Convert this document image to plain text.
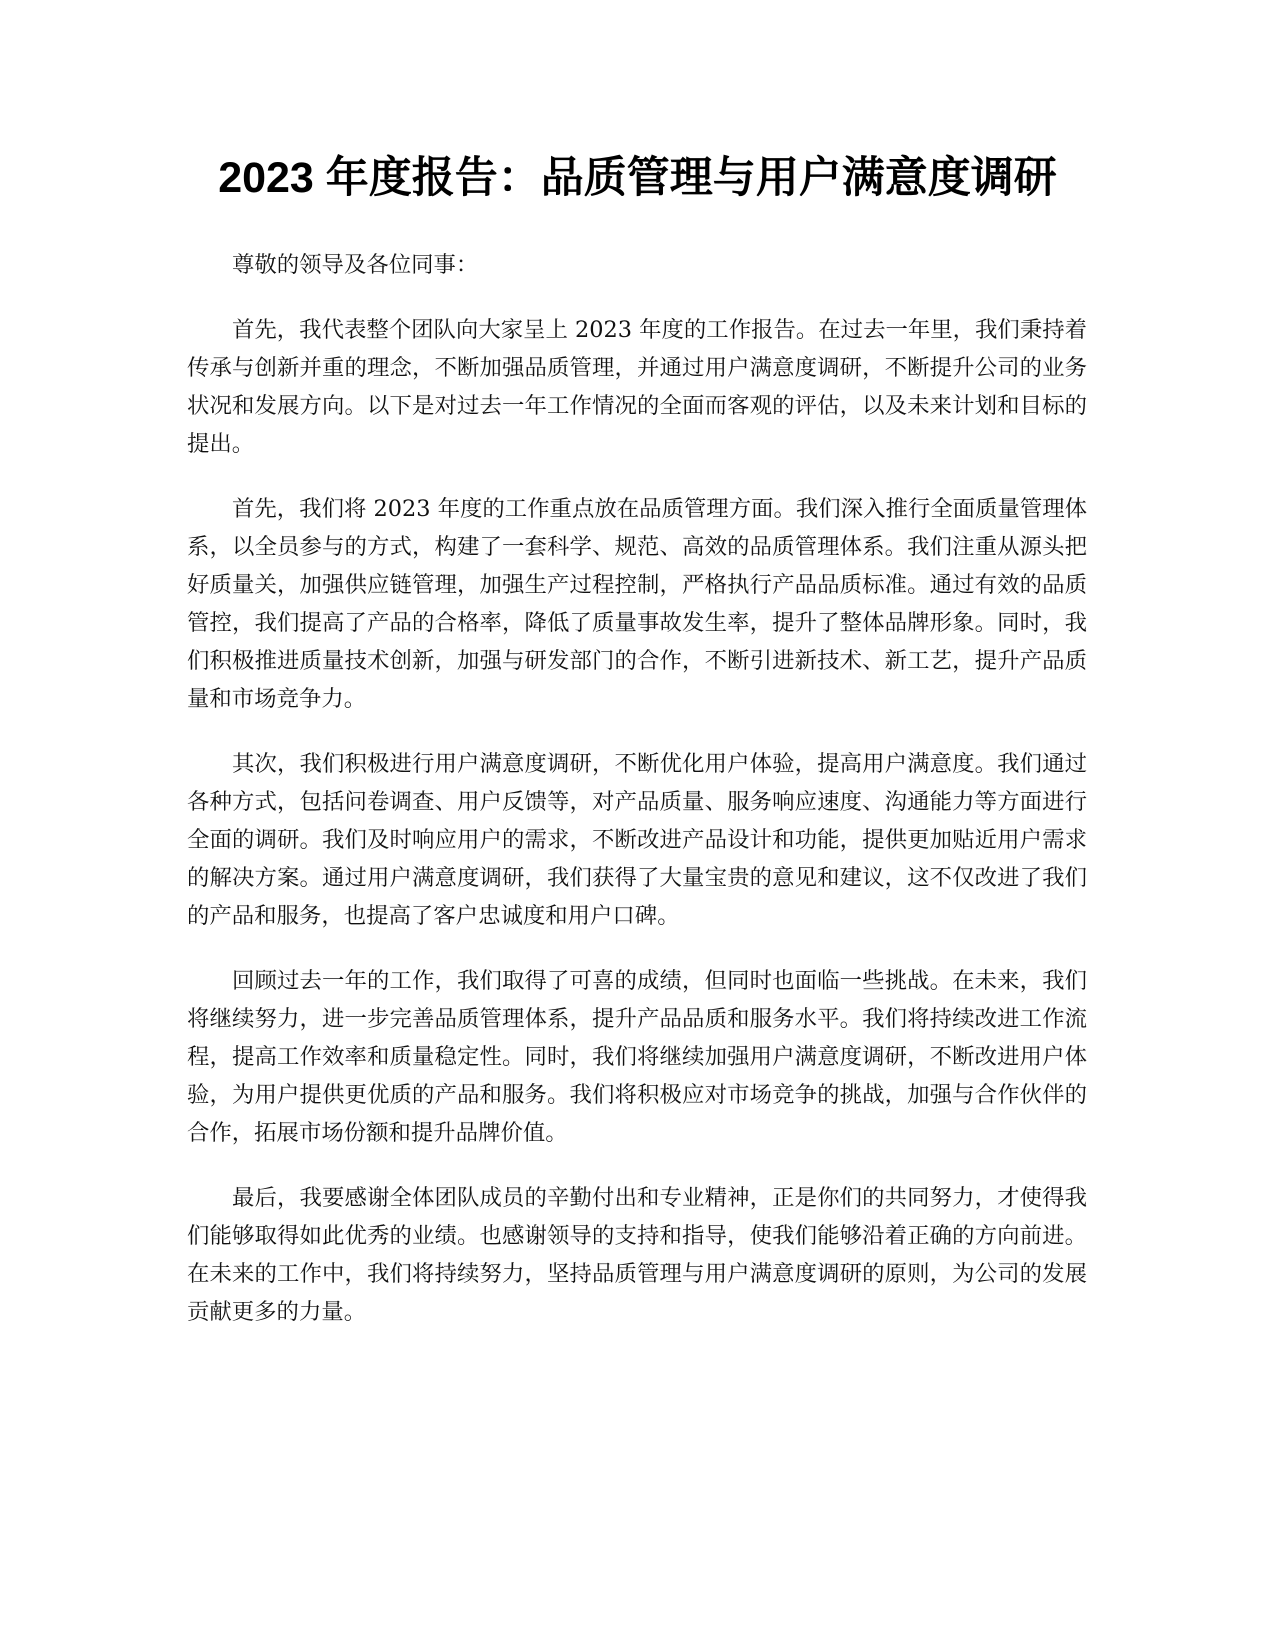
2023 年度报告：品质管理与用户满意度调研

尊敬的领导及各位同事：

首先，我代表整个团队向大家呈上 2023 年度的工作报告。在过去一年里，我们秉持着传承与创新并重的理念，不断加强品质管理，并通过用户满意度调研，不断提升公司的业务状况和发展方向。以下是对过去一年工作情况的全面而客观的评估，以及未来计划和目标的提出。

首先，我们将 2023 年度的工作重点放在品质管理方面。我们深入推行全面质量管理体系，以全员参与的方式，构建了一套科学、规范、高效的品质管理体系。我们注重从源头把好质量关，加强供应链管理，加强生产过程控制，严格执行产品品质标准。通过有效的品质管控，我们提高了产品的合格率，降低了质量事故发生率，提升了整体品牌形象。同时，我们积极推进质量技术创新，加强与研发部门的合作，不断引进新技术、新工艺，提升产品质量和市场竞争力。

其次，我们积极进行用户满意度调研，不断优化用户体验，提高用户满意度。我们通过各种方式，包括问卷调查、用户反馈等，对产品质量、服务响应速度、沟通能力等方面进行全面的调研。我们及时响应用户的需求，不断改进产品设计和功能，提供更加贴近用户需求的解决方案。通过用户满意度调研，我们获得了大量宝贵的意见和建议，这不仅改进了我们的产品和服务，也提高了客户忠诚度和用户口碑。

回顾过去一年的工作，我们取得了可喜的成绩，但同时也面临一些挑战。在未来，我们将继续努力，进一步完善品质管理体系，提升产品品质和服务水平。我们将持续改进工作流程，提高工作效率和质量稳定性。同时，我们将继续加强用户满意度调研，不断改进用户体验，为用户提供更优质的产品和服务。我们将积极应对市场竞争的挑战，加强与合作伙伴的合作，拓展市场份额和提升品牌价值。

最后，我要感谢全体团队成员的辛勤付出和专业精神，正是你们的共同努力，才使得我们能够取得如此优秀的业绩。也感谢领导的支持和指导，使我们能够沿着正确的方向前进。在未来的工作中，我们将持续努力，坚持品质管理与用户满意度调研的原则，为公司的发展贡献更多的力量。
